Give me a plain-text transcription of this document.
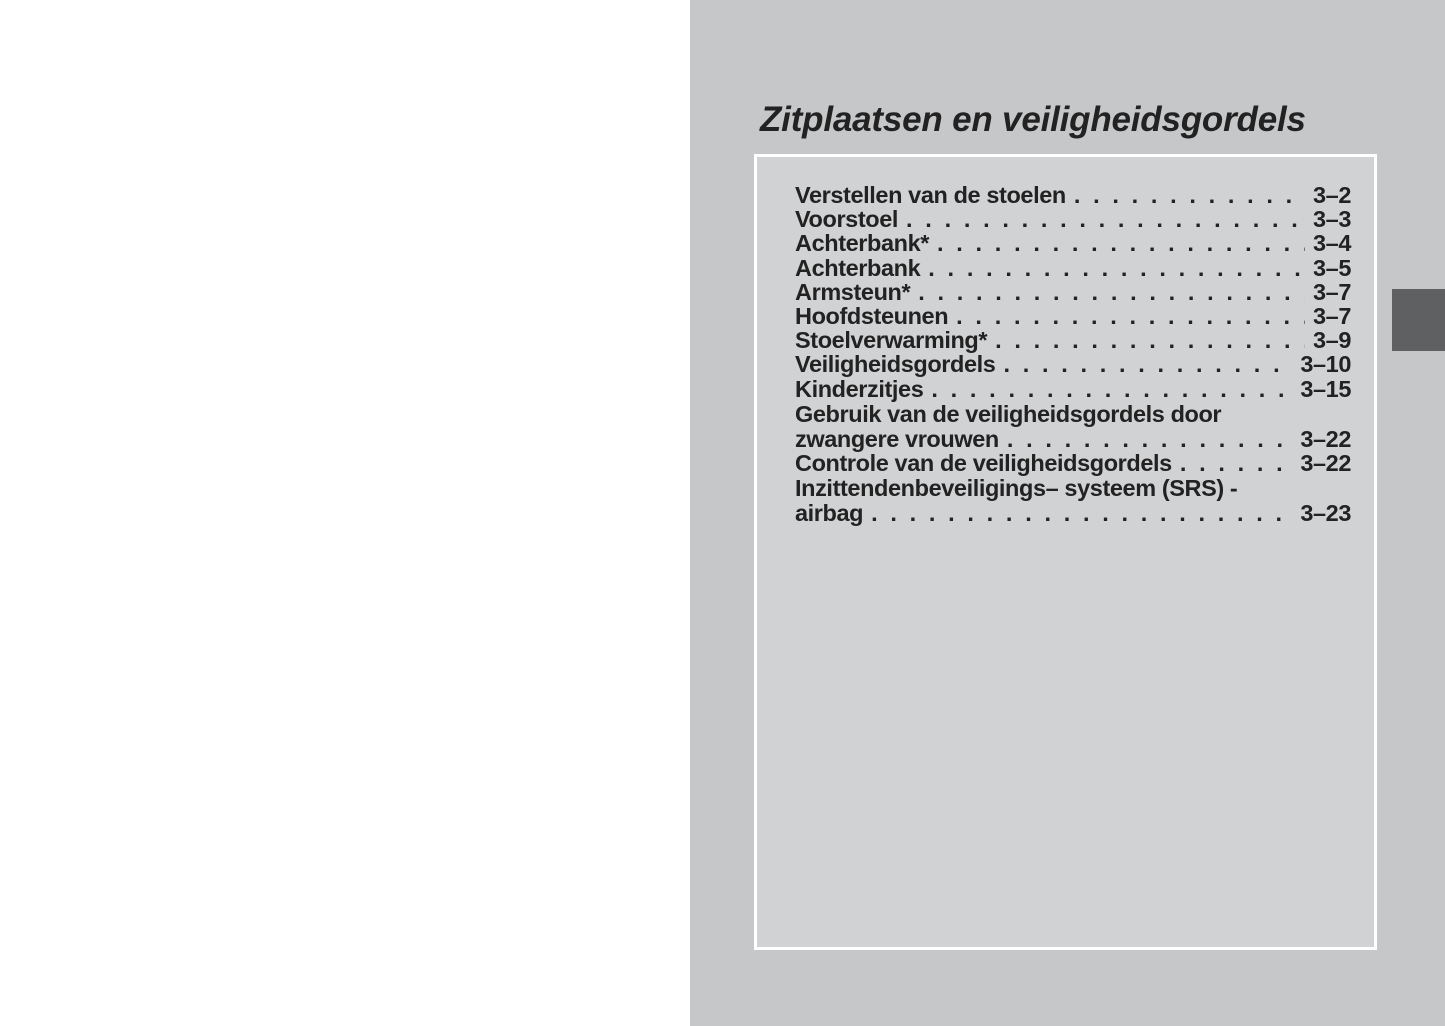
Zitplaatsen en veiligheidsgordels
Verstellen van de stoelen . . .	3–2
Voorstoel . . .	3–3
Achterbank* . . .	3–4
Achterbank . . .	3–5
Armsteun* . . .	3–7
Hoofdsteunen . . .	3–7
Stoelverwarming* . . .	3–9
Veiligheidsgordels . . .	3–10
Kinderzitjes . . .	3–15
Gebruik van de veiligheidsgordels door
zwangere vrouwen . . .	3–22
Controle van de veiligheidsgordels . . .	3–22
Inzittendenbeveiligings– systeem (SRS) -
airbag . . .	3–23
